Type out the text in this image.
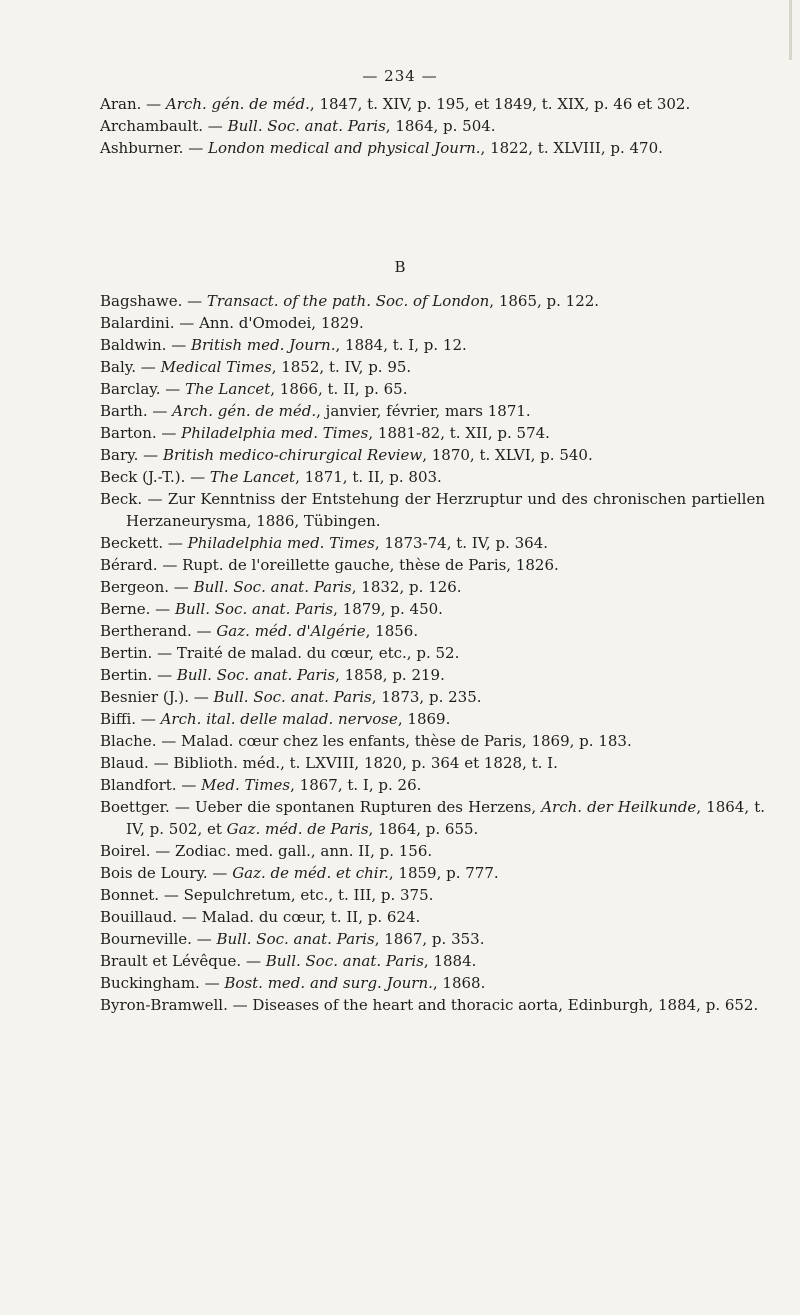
— 234 —
Aran. — Arch. gén. de méd., 1847, t. XIV, p. 195, et 1849, t. XIX, p. 46 et 302.
Archambault. — Bull. Soc. anat. Paris, 1864, p. 504.
Ashburner. — London medical and physical Journ., 1822, t. XLVIII, p. 470.
B
Bagshawe. — Transact. of the path. Soc. of London, 1865, p. 122.
Balardini. — Ann. d'Omodei, 1829.
Baldwin. — British med. Journ., 1884, t. I, p. 12.
Baly. — Medical Times, 1852, t. IV, p. 95.
Barclay. — The Lancet, 1866, t. II, p. 65.
Barth. — Arch. gén. de méd., janvier, février, mars 1871.
Barton. — Philadelphia med. Times, 1881-82, t. XII, p. 574.
Bary. — British medico-chirurgical Review, 1870, t. XLVI, p. 540.
Beck (J.-T.). — The Lancet, 1871, t. II, p. 803.
Beck. — Zur Kenntniss der Entstehung der Herzruptur und des chronischen partiellen Herzaneurysma, 1886, Tübingen.
Beckett. — Philadelphia med. Times, 1873-74, t. IV, p. 364.
Bérard. — Rupt. de l'oreillette gauche, thèse de Paris, 1826.
Bergeon. — Bull. Soc. anat. Paris, 1832, p. 126.
Berne. — Bull. Soc. anat. Paris, 1879, p. 450.
Bertherand. — Gaz. méd. d'Algérie, 1856.
Bertin. — Traité de malad. du cœur, etc., p. 52.
Bertin. — Bull. Soc. anat. Paris, 1858, p. 219.
Besnier (J.). — Bull. Soc. anat. Paris, 1873, p. 235.
Biffi. — Arch. ital. delle malad. nervose, 1869.
Blache. — Malad. cœur chez les enfants, thèse de Paris, 1869, p. 183.
Blaud. — Biblioth. méd., t. LXVIII, 1820, p. 364 et 1828, t. I.
Blandfort. — Med. Times, 1867, t. I, p. 26.
Boettger. — Ueber die spontanen Rupturen des Herzens, Arch. der Heilkunde, 1864, t. IV, p. 502, et Gaz. méd. de Paris, 1864, p. 655.
Boirel. — Zodiac. med. gall., ann. II, p. 156.
Bois de Loury. — Gaz. de méd. et chir., 1859, p. 777.
Bonnet. — Sepulchretum, etc., t. III, p. 375.
Bouillaud. — Malad. du cœur, t. II, p. 624.
Bourneville. — Bull. Soc. anat. Paris, 1867, p. 353.
Brault et Lévêque. — Bull. Soc. anat. Paris, 1884.
Buckingham. — Bost. med. and surg. Journ., 1868.
Byron-Bramwell. — Diseases of the heart and thoracic aorta, Edinburgh, 1884, p. 652.
